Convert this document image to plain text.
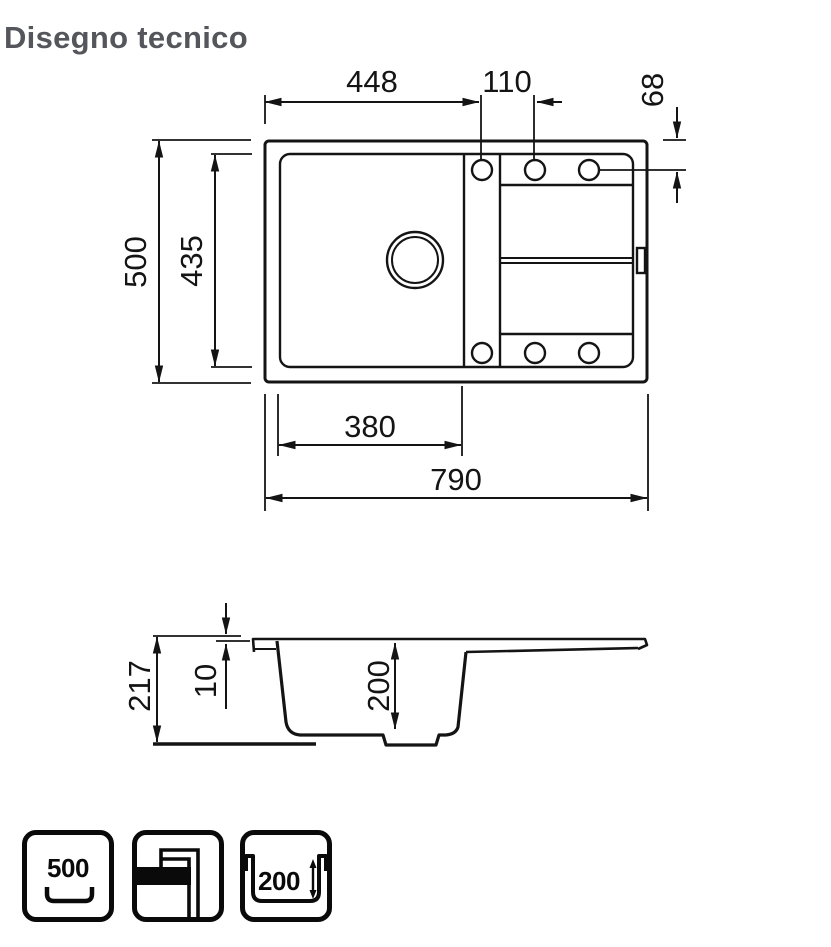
Disegno tecnico
448	110	68
500 435
380
790
217 10	200
500	200
